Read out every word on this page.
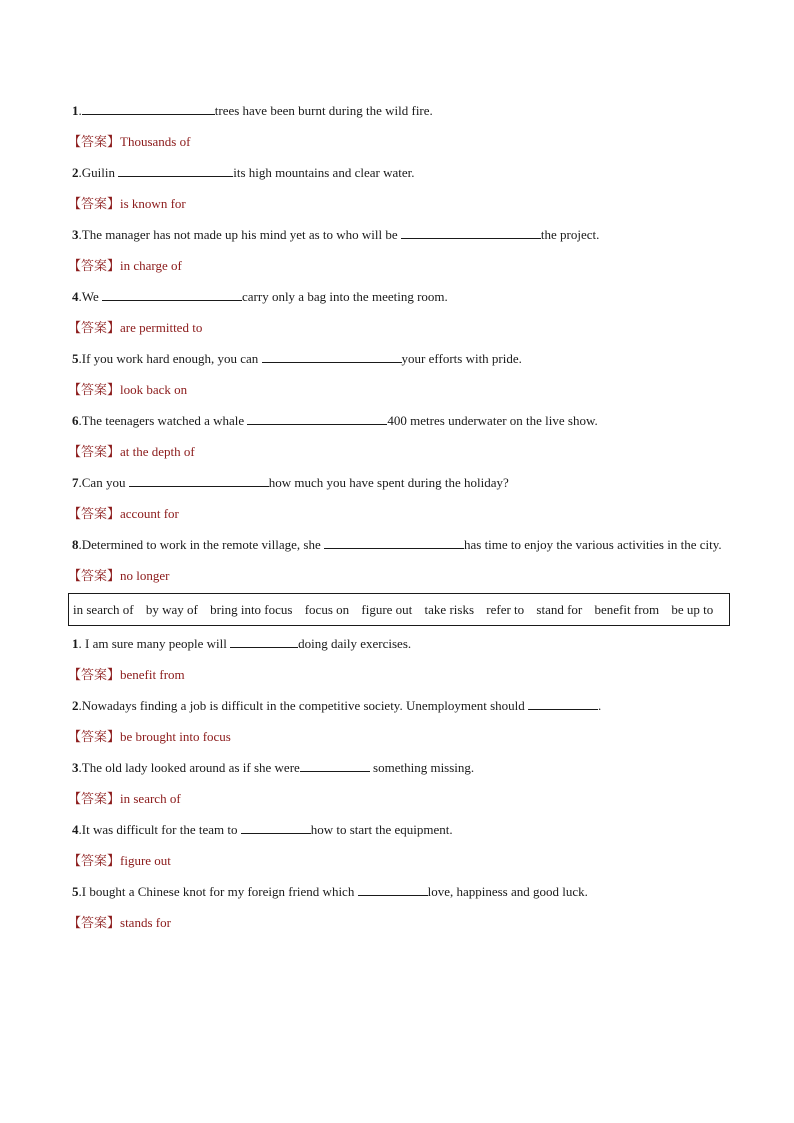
1.	trees have been burnt during the wild fire.
【答案】Thousands of
2.Guilin	its high mountains and clear water.
【答案】is known for
3.The manager has not made up his mind yet as to who will be	the project.
【答案】in charge of
4.We	carry only a bag into the meeting room.
【答案】are permitted to
5.If you work hard enough, you can	your efforts with pride.
【答案】look back on
6.The teenagers watched a whale	400 metres underwater on the live show.
【答案】at the depth of
7.Can you	how much you have spent during the holiday?
【答案】account for
8.Determined to work in the remote village, she	has time to enjoy the various activities in the city.
【答案】no longer
in search of by way of bring into focus focus on figure out take risks refer to stand for benefit from be up to
1. I am sure many people will	doing daily exercises.
【答案】benefit from
2.Nowadays finding a job is difficult in the competitive society. Unemployment should	.
【答案】be brought into focus
3.The old lady looked around as if she were	something missing.
【答案】in search of
4.It was difficult for the team to	how to start the equipment.
【答案】figure out
5.I bought a Chinese knot for my foreign friend which	love, happiness and good luck.
【答案】stands for
